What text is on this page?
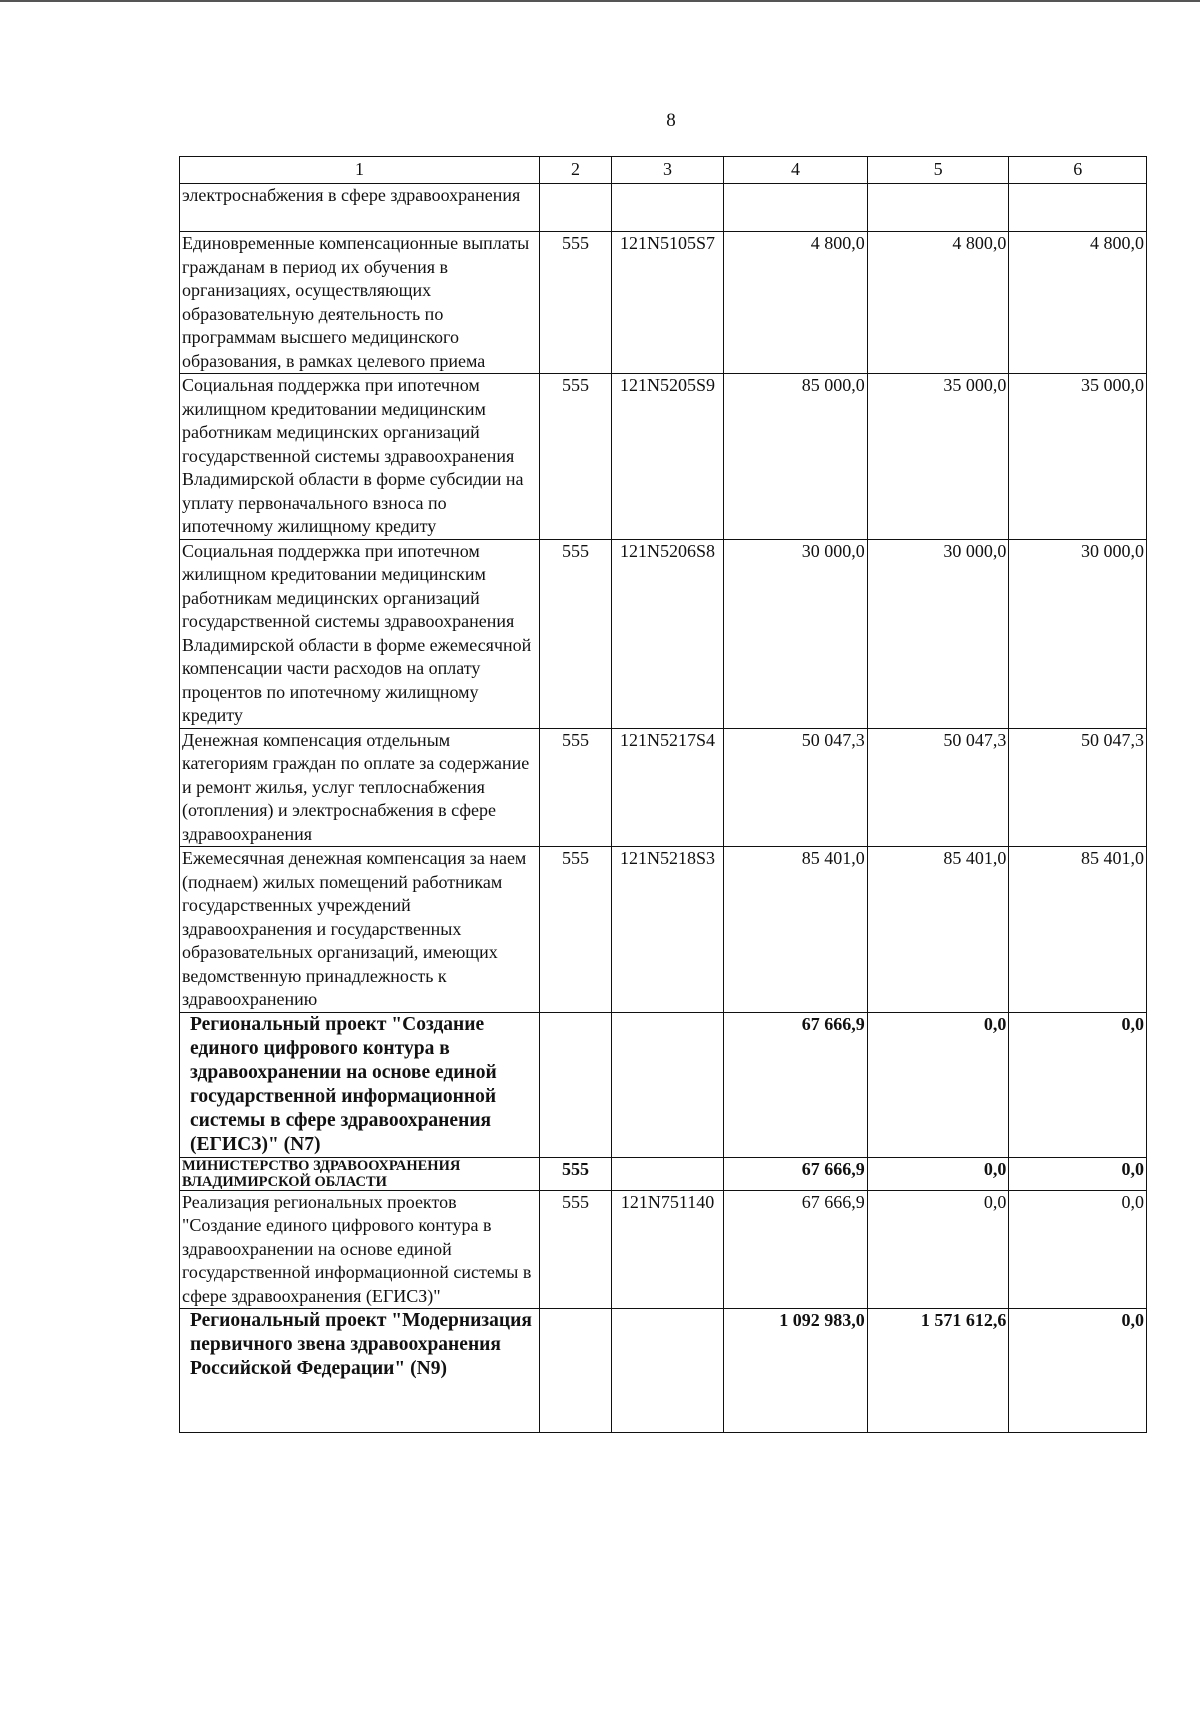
8
1	2	3	4	5	6
электроснабжения в сфере здравоохранения					
Единовременные компенсационные выплаты гражданам в период их обучения в организациях, осуществляющих образовательную деятельность по программам высшего медицинского образования, в рамках целевого приема	555	121N5105S7	4 800,0	4 800,0	4 800,0
Социальная поддержка при ипотечном жилищном кредитовании медицинским работникам медицинских организаций государственной системы здравоохранения Владимирской области в форме субсидии на уплату первоначального взноса по ипотечному жилищному кредиту	555	121N5205S9	85 000,0	35 000,0	35 000,0
Социальная поддержка при ипотечном жилищном кредитовании медицинским работникам медицинских организаций государственной системы здравоохранения Владимирской области в форме ежемесячной компенсации части расходов на оплату процентов по ипотечному жилищному кредиту	555	121N5206S8	30 000,0	30 000,0	30 000,0
Денежная компенсация отдельным категориям граждан по оплате за содержание и ремонт жилья, услуг теплоснабжения (отопления) и электроснабжения в сфере здравоохранения	555	121N5217S4	50 047,3	50 047,3	50 047,3
Ежемесячная денежная компенсация за наем (поднаем) жилых помещений работникам государственных учреждений здравоохранения и государственных образовательных организаций, имеющих ведомственную принадлежность к здравоохранению	555	121N5218S3	85 401,0	85 401,0	85 401,0
Региональный проект "Создание единого цифрового контура в здравоохранении на основе единой государственной информационной системы в сфере здравоохранения (ЕГИСЗ)" (N7)			67 666,9	0,0	0,0
МИНИСТЕРСТВО ЗДРАВООХРАНЕНИЯ ВЛАДИМИРСКОЙ ОБЛАСТИ	555		67 666,9	0,0	0,0
Реализация региональных проектов "Создание единого цифрового контура в здравоохранении на основе единой государственной информационной системы в сфере здравоохранения (ЕГИСЗ)"	555	121N751140	67 666,9	0,0	0,0
Региональный проект "Модернизация первичного звена здравоохранения Российской Федерации" (N9)			1 092 983,0	1 571 612,6	0,0
